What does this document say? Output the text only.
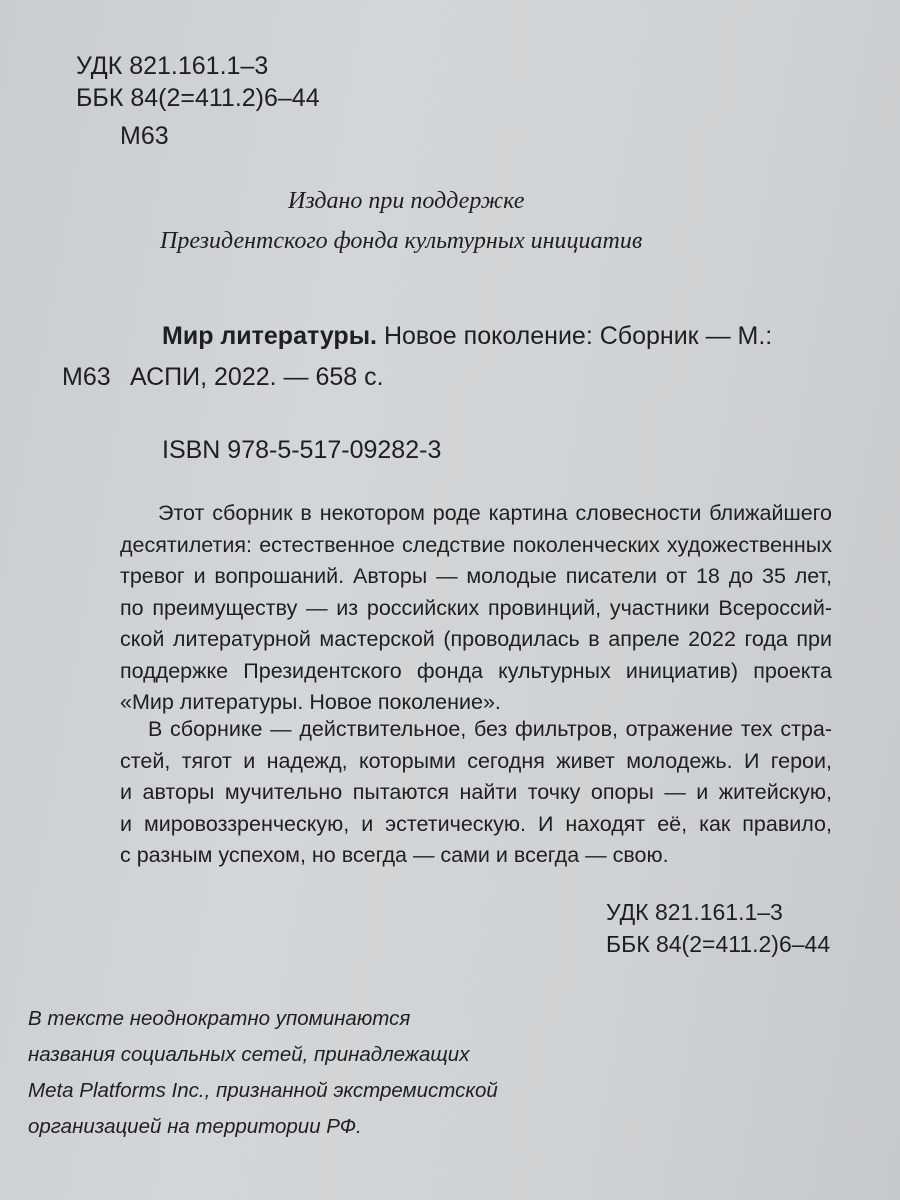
УДК 821.161.1–3
ББК 84(2=411.2)6–44
М63
Издано при поддержке
Президентского фонда культурных инициатив
Мир литературы. Новое поколение: Сборник — М.:
М63 АСПИ, 2022. — 658 с.
ISBN 978-5-517-09282-3
Этот сборник в некотором роде картина словесности ближайшего
десятилетия: естественное следствие поколенческих художественных
тревог и вопрошаний. Авторы — молодые писатели от 18 до 35 лет,
по преимуществу — из российских провинций, участники Всероссий-
ской литературной мастерской (проводилась в апреле 2022 года при
поддержке Президентского фонда культурных инициатив) проекта
«Мир литературы. Новое поколение».
В сборнике — действительное, без фильтров, отражение тех стра-
стей, тягот и надежд, которыми сегодня живет молодежь. И герои,
и авторы мучительно пытаются найти точку опоры — и житейскую,
и мировоззренческую, и эстетическую. И находят её, как правило,
с разным успехом, но всегда — сами и всегда — свою.
УДК 821.161.1–3
ББК 84(2=411.2)6–44
В тексте неоднократно упоминаются
названия социальных сетей, принадлежащих
Meta Platforms Inc., признанной экстремистской
организацией на территории РФ.
